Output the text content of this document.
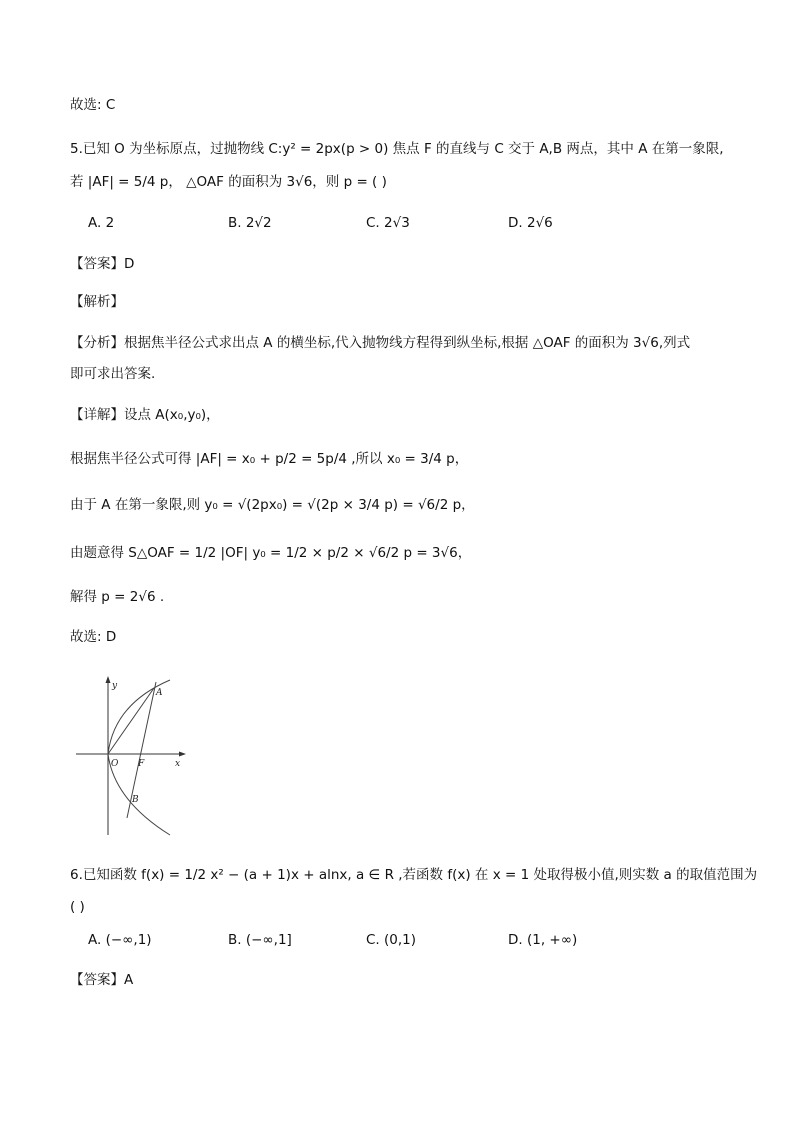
故选: C
5.已知 O 为坐标原点，过抛物线 C:y² = 2px(p > 0) 焦点 F 的直线与 C 交于 A,B 两点，其中 A 在第一象限,
若 |AF| = 5/4 p， △OAF 的面积为 3√6，则 p = ( )
A. 2	B. 2√2	C. 2√3	D. 2√6
【答案】D
【解析】
【分析】根据焦半径公式求出点 A 的横坐标,代入抛物线方程得到纵坐标,根据 △OAF 的面积为 3√6,列式
即可求出答案.
【详解】设点 A(x₀,y₀)，
根据焦半径公式可得 |AF| = x₀ + p/2 = 5p/4 ,所以 x₀ = 3/4 p，
由于 A 在第一象限,则 y₀ = √(2px₀) = √(2p × 3/4 p) = √6/2 p，
由题意得 S△OAF = 1/2 |OF| y₀ = 1/2 × p/2 × √6/2 p = 3√6，
解得 p = 2√6 .
故选: D
y
x
O F
A
B
6.已知函数 f(x) = 1/2 x² − (a + 1)x + alnx, a ∈ R ,若函数 f(x) 在 x = 1 处取得极小值,则实数 a 的取值范围为
( )
A. (−∞,1)	B. (−∞,1]	C. (0,1)	D. (1, +∞)
【答案】A
